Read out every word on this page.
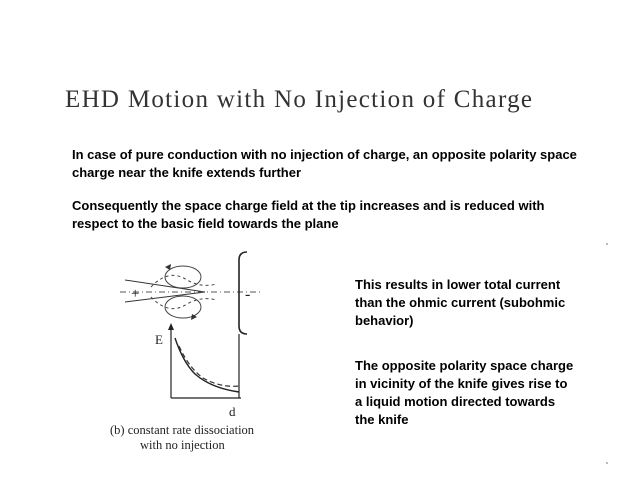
EHD Motion with No Injection of Charge
In case of pure conduction with no injection of charge, an opposite polarity space charge near the knife extends further
Consequently the space charge field at the tip increases and is reduced with respect to the basic field towards the plane
This results in lower total current than the ohmic current (subohmic behavior)
The opposite polarity space charge in vicinity of the knife gives rise to a liquid motion directed towards the knife
+	-
E
d
(b) constant rate dissociation
with no injection
